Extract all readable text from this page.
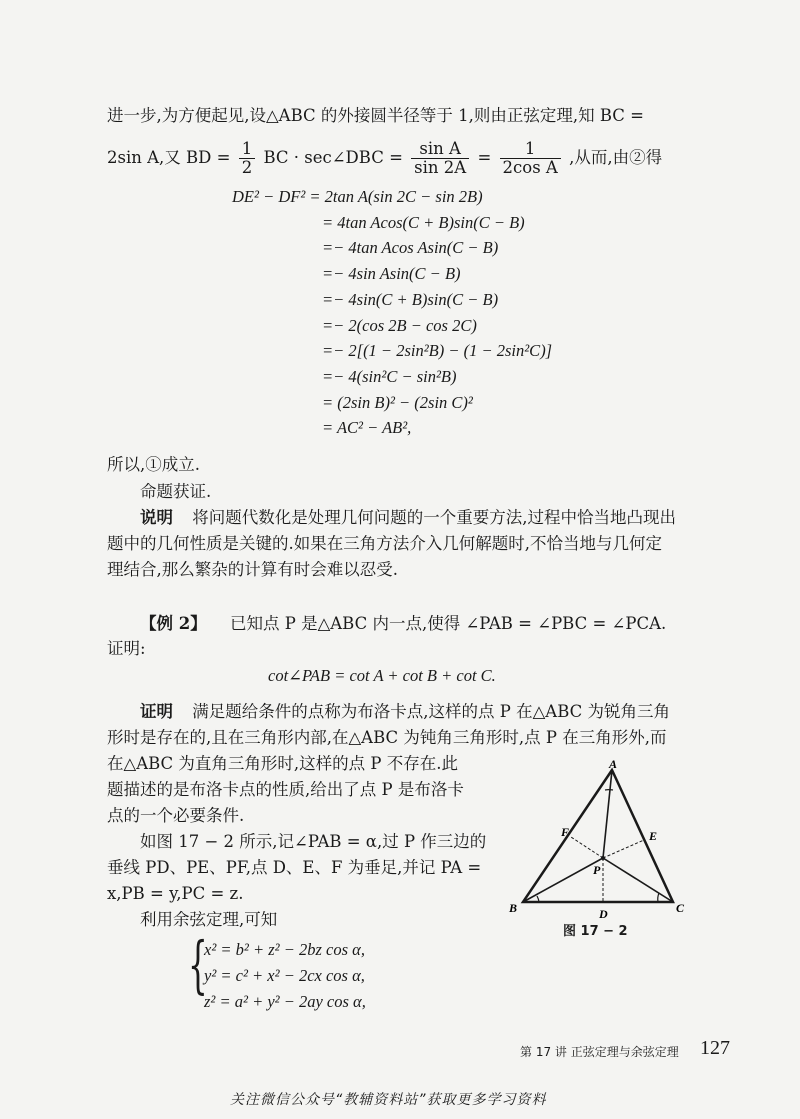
进一步,为方便起见,设△ABC 的外接圆半径等于 1,则由正弦定理,知 BC =
2sin A,又 BD = $\frac{1}{2}$ BC · sec∠DBC = $\frac{\text{sin A}}{\sin 2A} = \frac{1}{\text{2cos A}}$ ,从而,由②得
DE² − DF² = 2tan A(sin 2C − sin 2B)
= 4tan Acos(C + B)sin(C − B)
=− 4tan Acos Asin(C − B)
=− 4sin Asin(C − B)
=− 4sin(C + B)sin(C − B)
=− 2(cos 2B − cos 2C)
=− 2[(1 − 2sin²B) − (1 − 2sin²C)]
=− 4(sin²C − sin²B)
= (2sin B)² − (2sin C)²
= AC² − AB²,
所以,①成立.
命题获证.
说明 将问题代数化是处理几何问题的一个重要方法,过程中恰当地凸现出
题中的几何性质是关键的.如果在三角方法介入几何解题时,不恰当地与几何定
理结合,那么繁杂的计算有时会难以忍受.
【例 2】 已知点 P 是△ABC 内一点,使得 ∠PAB = ∠PBC = ∠PCA.
证明:
cot∠PAB = cot A + cot B + cot C.
证明 满足题给条件的点称为布洛卡点,这样的点 P 在△ABC 为锐角三角
形时是存在的,且在三角形内部,在△ABC 为钝角三角形时,点 P 在三角形外,而
在△ABC 为直角三角形时,这样的点 P 不存在.此
题描述的是布洛卡点的性质,给出了点 P 是布洛卡
点的一个必要条件.
如图 17 − 2 所示,记∠PAB = α,过 P 作三边的
垂线 PD、PE、PF,点 D、E、F 为垂足,并记 PA =
x,PB = y,PC = z.
利用余弦定理,可知
{
x² = b² + z² − 2bz cos α,
y² = c² + x² − 2cx cos α,
z² = a² + y² − 2ay cos α,
A
B	C
D
E
F
P
图 17 − 2
第 17 讲 正弦定理与余弦定理 127
关注微信公众号“教辅资料站”获取更多学习资料
